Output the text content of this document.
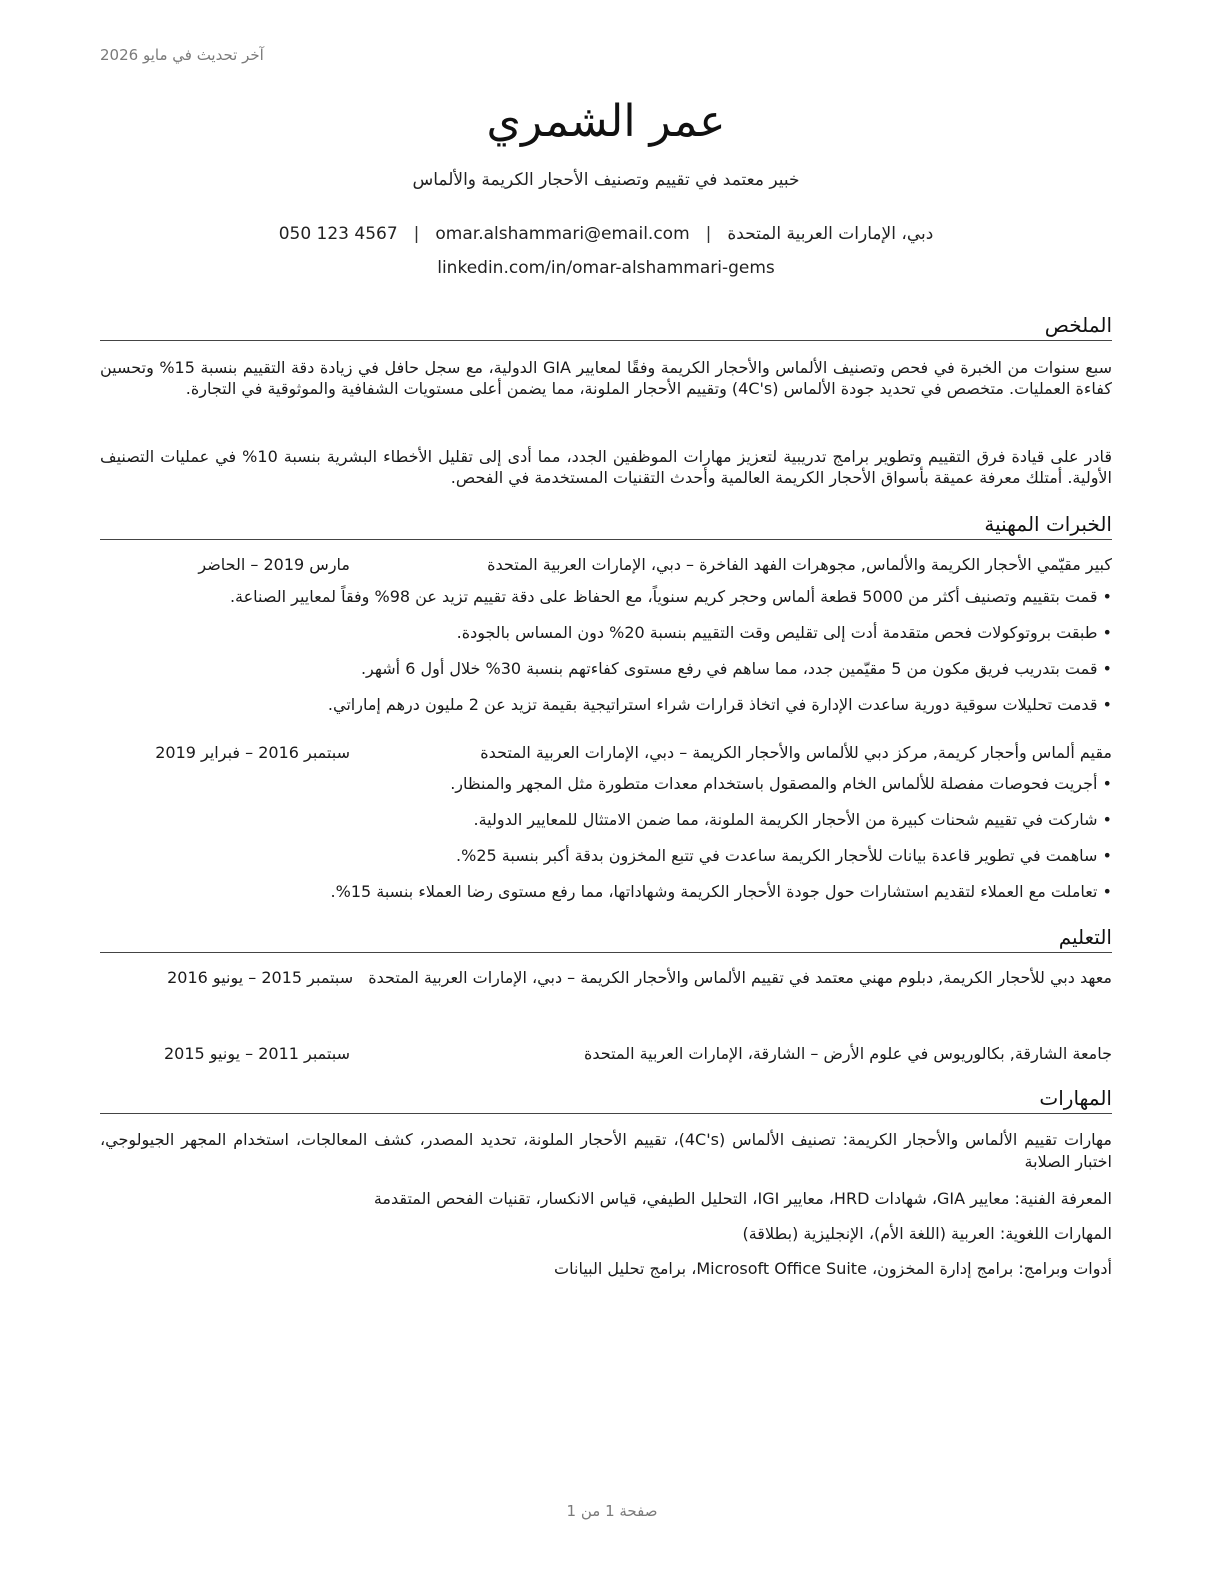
آخر تحديث في مايو 2026
عمر الشمري
خبير معتمد في تقييم وتصنيف الأحجار الكريمة والألماس
دبي، الإمارات العربية المتحدة|omar.alshammari@email.com|050 123 4567
linkedin.com/in/omar-alshammari-gems
الملخص
سبع سنوات من الخبرة في فحص وتصنيف الألماس والأحجار الكريمة وفقًا لمعايير GIA الدولية، مع سجل حافل في زيادة دقة التقييم بنسبة 15% وتحسين كفاءة العمليات. متخصص في تحديد جودة الألماس (4C's) وتقييم الأحجار الملونة، مما يضمن أعلى مستويات الشفافية والموثوقية في التجارة.
قادر على قيادة فرق التقييم وتطوير برامج تدريبية لتعزيز مهارات الموظفين الجدد، مما أدى إلى تقليل الأخطاء البشرية بنسبة 10% في عمليات التصنيف الأولية. أمتلك معرفة عميقة بأسواق الأحجار الكريمة العالمية وأحدث التقنيات المستخدمة في الفحص.
الخبرات المهنية
كبير مقيّمي الأحجار الكريمة والألماس, مجوهرات الفهد الفاخرة – دبي، الإمارات العربية المتحدة
مارس 2019 – الحاضر
• قمت بتقييم وتصنيف أكثر من 5000 قطعة ألماس وحجر كريم سنوياً، مع الحفاظ على دقة تقييم تزيد عن 98% وفقاً لمعايير الصناعة.
• طبقت بروتوكولات فحص متقدمة أدت إلى تقليص وقت التقييم بنسبة 20% دون المساس بالجودة.
• قمت بتدريب فريق مكون من 5 مقيّمين جدد، مما ساهم في رفع مستوى كفاءتهم بنسبة 30% خلال أول 6 أشهر.
• قدمت تحليلات سوقية دورية ساعدت الإدارة في اتخاذ قرارات شراء استراتيجية بقيمة تزيد عن 2 مليون درهم إماراتي.
مقيم ألماس وأحجار كريمة, مركز دبي للألماس والأحجار الكريمة – دبي، الإمارات العربية المتحدة
سبتمبر 2016 – فبراير 2019
• أجريت فحوصات مفصلة للألماس الخام والمصقول باستخدام معدات متطورة مثل المجهر والمنظار.
• شاركت في تقييم شحنات كبيرة من الأحجار الكريمة الملونة، مما ضمن الامتثال للمعايير الدولية.
• ساهمت في تطوير قاعدة بيانات للأحجار الكريمة ساعدت في تتبع المخزون بدقة أكبر بنسبة 25%.
• تعاملت مع العملاء لتقديم استشارات حول جودة الأحجار الكريمة وشهاداتها، مما رفع مستوى رضا العملاء بنسبة 15%.
التعليم
معهد دبي للأحجار الكريمة, دبلوم مهني معتمد في تقييم الألماس والأحجار الكريمة – دبي، الإمارات العربية المتحدة سبتمبر 2015 – يونيو 2016
جامعة الشارقة, بكالوريوس في علوم الأرض – الشارقة، الإمارات العربية المتحدة
سبتمبر 2011 – يونيو 2015
المهارات
مهارات تقييم الألماس والأحجار الكريمة: تصنيف الألماس (4C's)، تقييم الأحجار الملونة، تحديد المصدر، كشف المعالجات، استخدام المجهر الجيولوجي، اختبار الصلابة
المعرفة الفنية: معايير GIA، شهادات HRD، معايير IGI، التحليل الطيفي، قياس الانكسار، تقنيات الفحص المتقدمة
المهارات اللغوية: العربية (اللغة الأم)، الإنجليزية (بطلاقة)
أدوات وبرامج: برامج إدارة المخزون، Microsoft Office Suite، برامج تحليل البيانات
صفحة 1 من 1
